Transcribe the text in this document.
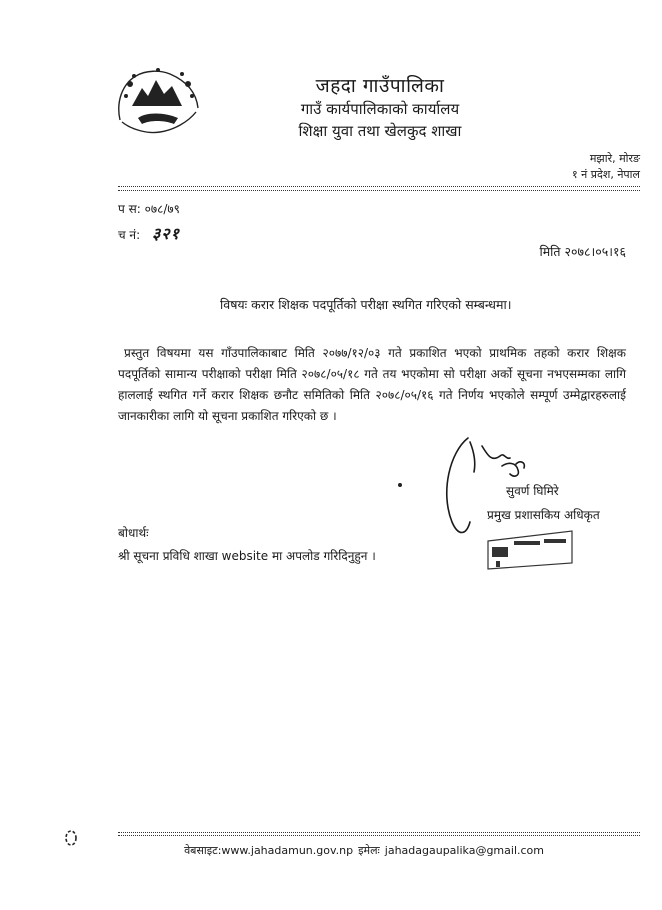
जहदा गाउँपालिका
गाउँ कार्यपालिकाको कार्यालय
शिक्षा युवा तथा खेलकुद शाखा
मझारे, मोरङ
१ नं प्रदेश, नेपाल
प स: ०७८/७९
च नं: ३२१
मिति २०७८।०५।१६
विषयः करार शिक्षक पदपूर्तिको परीक्षा स्थगित गरिएको सम्बन्धमा।
प्रस्तुत विषयमा यस गाँउपालिकाबाट मिति २०७७/१२/०३ गते प्रकाशित भएको प्राथमिक तहको करार शिक्षक पदपूर्तिको सामान्य परीक्षाको परीक्षा मिति २०७८/०५/१८ गते तय भएकोमा सो परीक्षा अर्को सूचना नभएसम्मका लागि हाललाई स्थगित गर्ने करार शिक्षक छनौट समितिको मिति २०७८/०५/१६ गते निर्णय भएकोले सम्पूर्ण उम्मेद्वारहरुलाई जानकारीका लागि यो सूचना प्रकाशित गरिएको छ ।
सुवर्ण घिमिरे
प्रमुख प्रशासकिय अधिकृत
बोधार्थः
श्री सूचना प्रविधि शाखा website मा अपलोड गरिदिनुहुन ।
वेबसाइट:www.jahadamun.gov.np इमेलः jahadagaupalika@gmail.com
